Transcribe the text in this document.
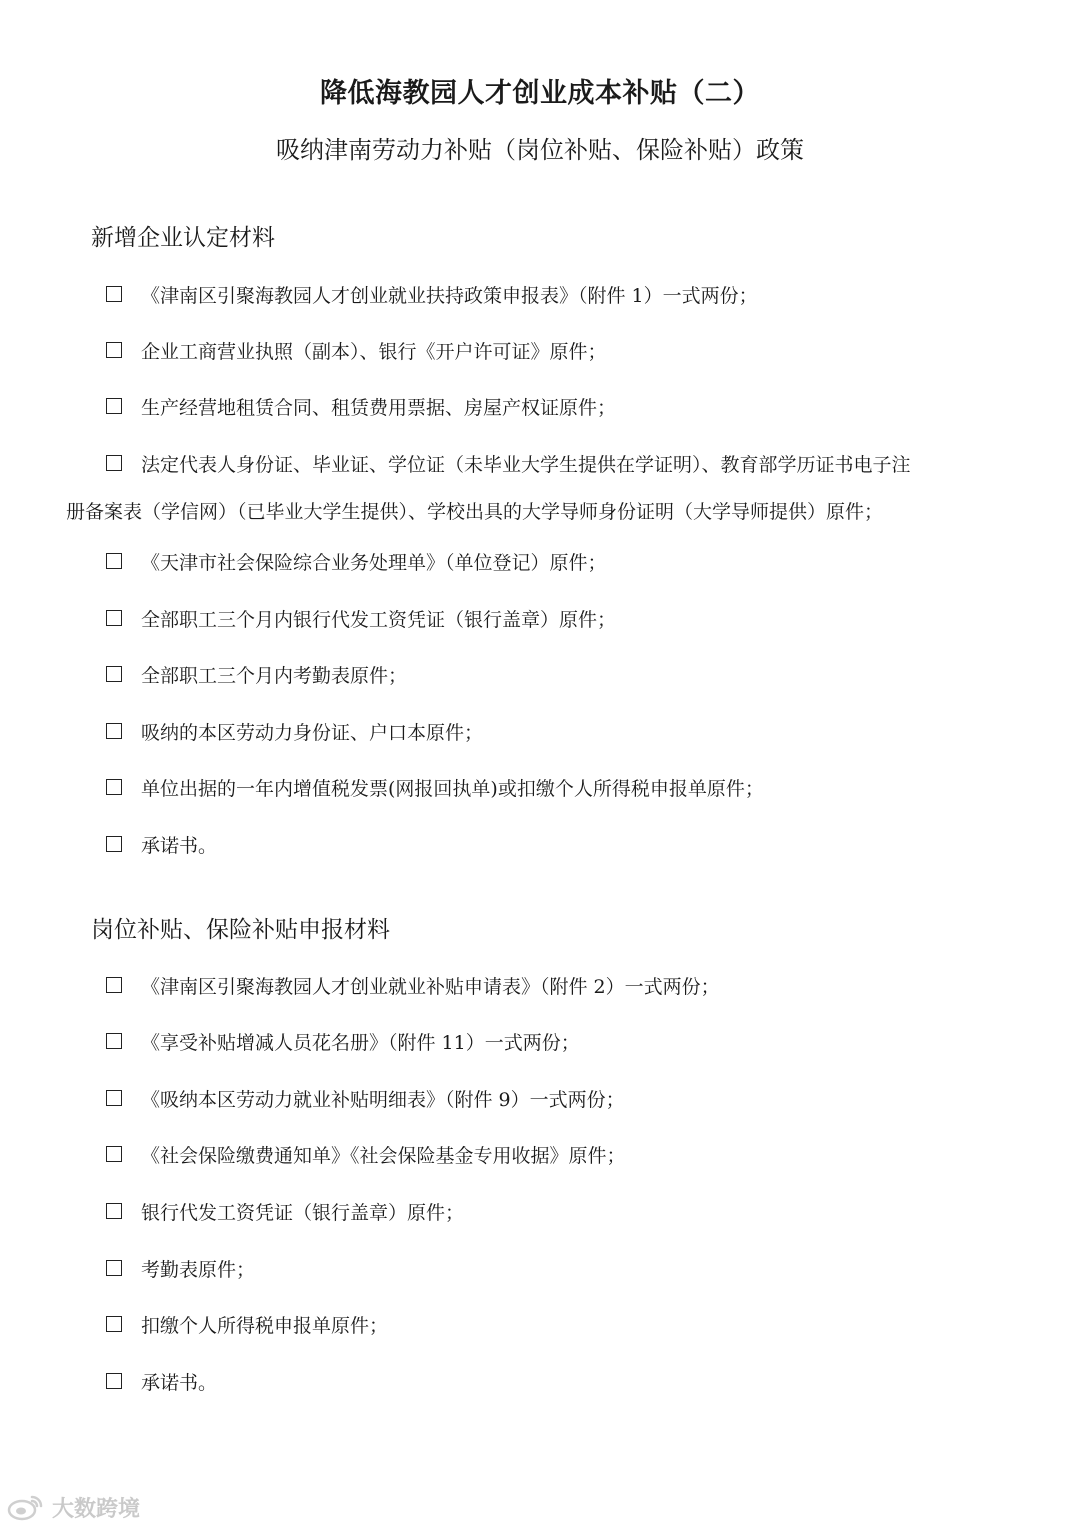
降低海教园人才创业成本补贴（二）
吸纳津南劳动力补贴（岗位补贴、保险补贴）政策
新增企业认定材料
《津南区引聚海教园人才创业就业扶持政策申报表》（附件 1）一式两份；
企业工商营业执照（副本）、银行《开户许可证》原件；
生产经营地租赁合同、租赁费用票据、房屋产权证原件；
法定代表人身份证、毕业证、学位证（未毕业大学生提供在学证明）、教育部学历证书电子注
册备案表（学信网）（已毕业大学生提供）、学校出具的大学导师身份证明（大学导师提供）原件；
《天津市社会保险综合业务处理单》（单位登记）原件；
全部职工三个月内银行代发工资凭证（银行盖章）原件；
全部职工三个月内考勤表原件；
吸纳的本区劳动力身份证、户口本原件；
单位出据的一年内增值税发票(网报回执单)或扣缴个人所得税申报单原件；
承诺书。
岗位补贴、保险补贴申报材料
《津南区引聚海教园人才创业就业补贴申请表》（附件 2）一式两份；
《享受补贴增减人员花名册》（附件 11）一式两份；
《吸纳本区劳动力就业补贴明细表》（附件 9）一式两份；
《社会保险缴费通知单》《社会保险基金专用收据》原件；
银行代发工资凭证（银行盖章）原件；
考勤表原件；
扣缴个人所得税申报单原件；
承诺书。
大数跨境
